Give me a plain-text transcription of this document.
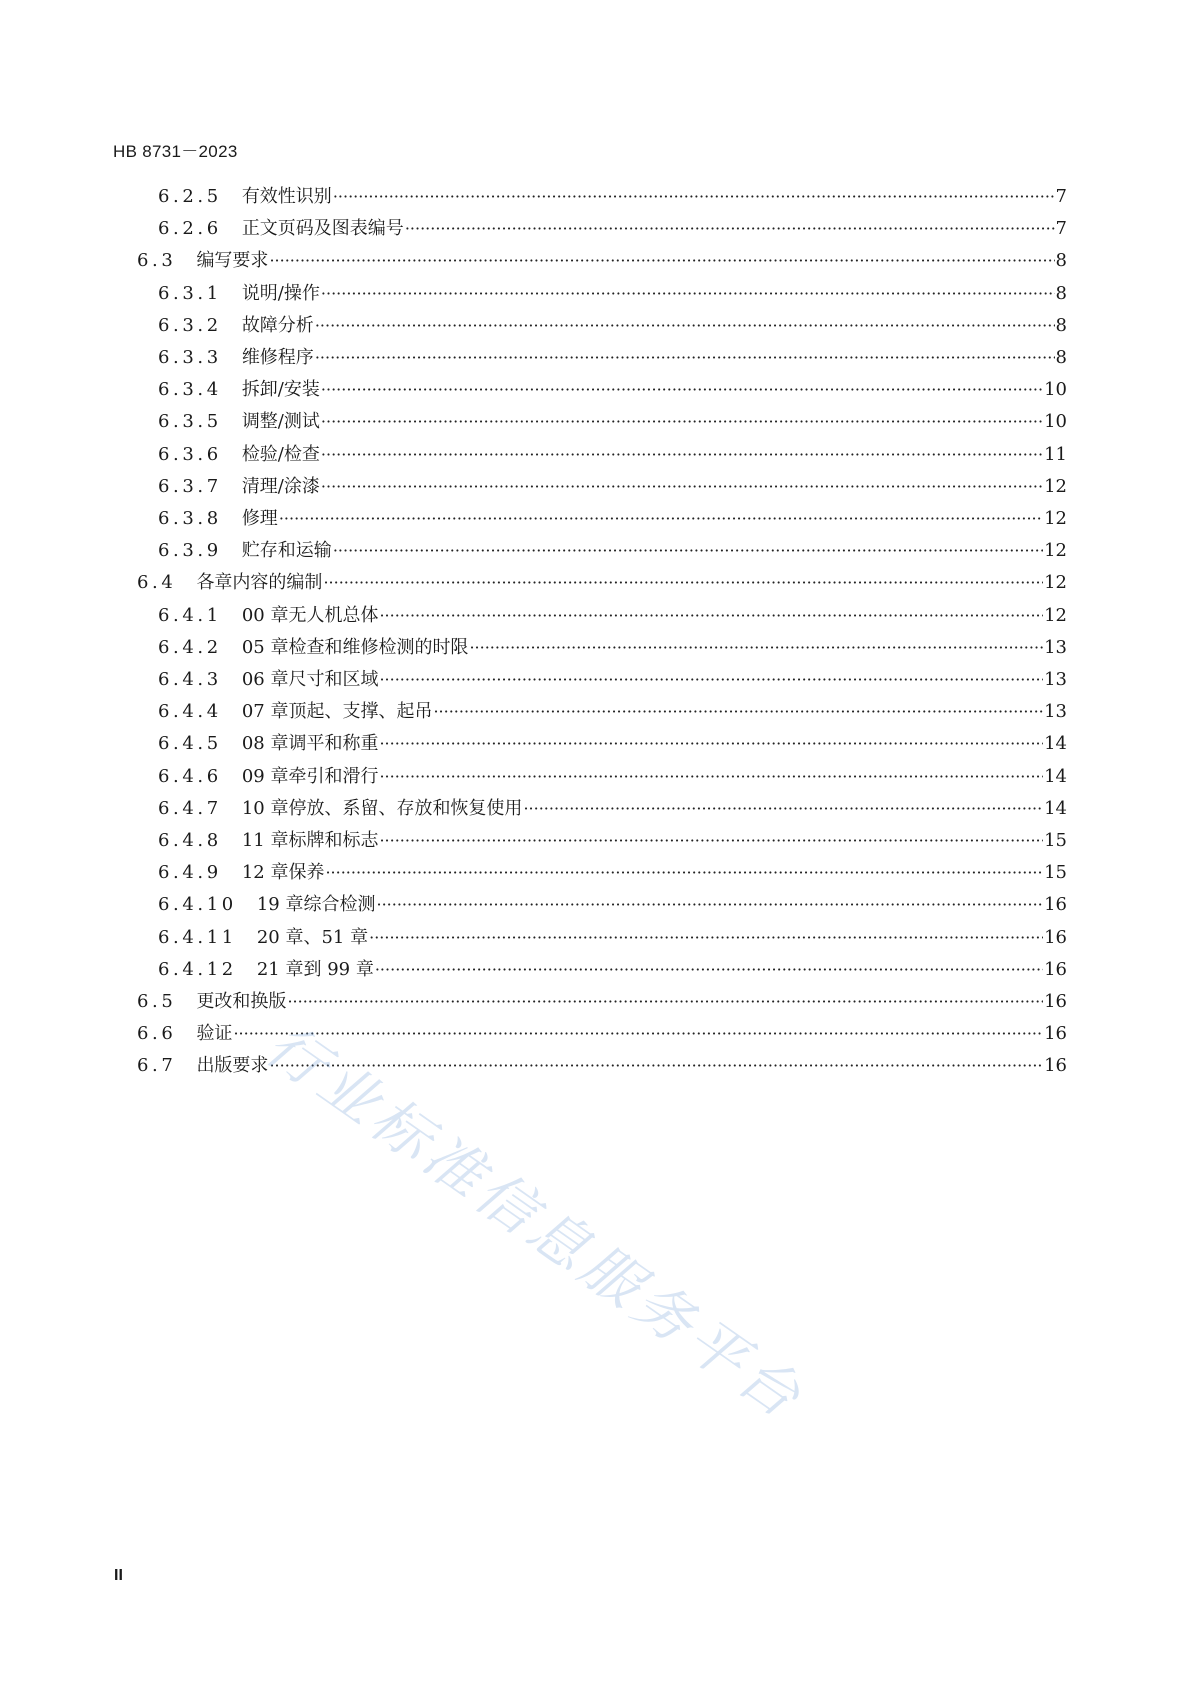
HB 8731－2023
6.2.5 有效性识别 ·····	7
6.2.6 正文页码及图表编号 ·····	7
6.3 编写要求 ·····	8
6.3.1 说明/操作 ·····	8
6.3.2 故障分析 ·····	8
6.3.3 维修程序 ·····	8
6.3.4 拆卸/安装 ·····	10
6.3.5 调整/测试 ·····	10
6.3.6 检验/检查 ·····	11
6.3.7 清理/涂漆 ·····	12
6.3.8 修理 ·····	12
6.3.9 贮存和运输 ·····	12
6.4 各章内容的编制 ·····	12
6.4.1 00 章无人机总体 ·····	12
6.4.2 05 章检查和维修检测的时限 ·····	13
6.4.3 06 章尺寸和区域 ·····	13
6.4.4 07 章顶起、支撑、起吊 ·····	13
6.4.5 08 章调平和称重 ·····	14
6.4.6 09 章牵引和滑行 ·····	14
6.4.7 10 章停放、系留、存放和恢复使用 ·····	14
6.4.8 11 章标牌和标志 ·····	15
6.4.9 12 章保养 ·····	15
6.4.10 19 章综合检测 ·····	16
6.4.11 20 章、51 章 ·····	16
6.4.12 21 章到 99 章 ·····	16
6.5 更改和换版 ·····	16
6.6 验证 ·····	16
6.7 出版要求 ·····	16
II
行业标准信息服务平台
